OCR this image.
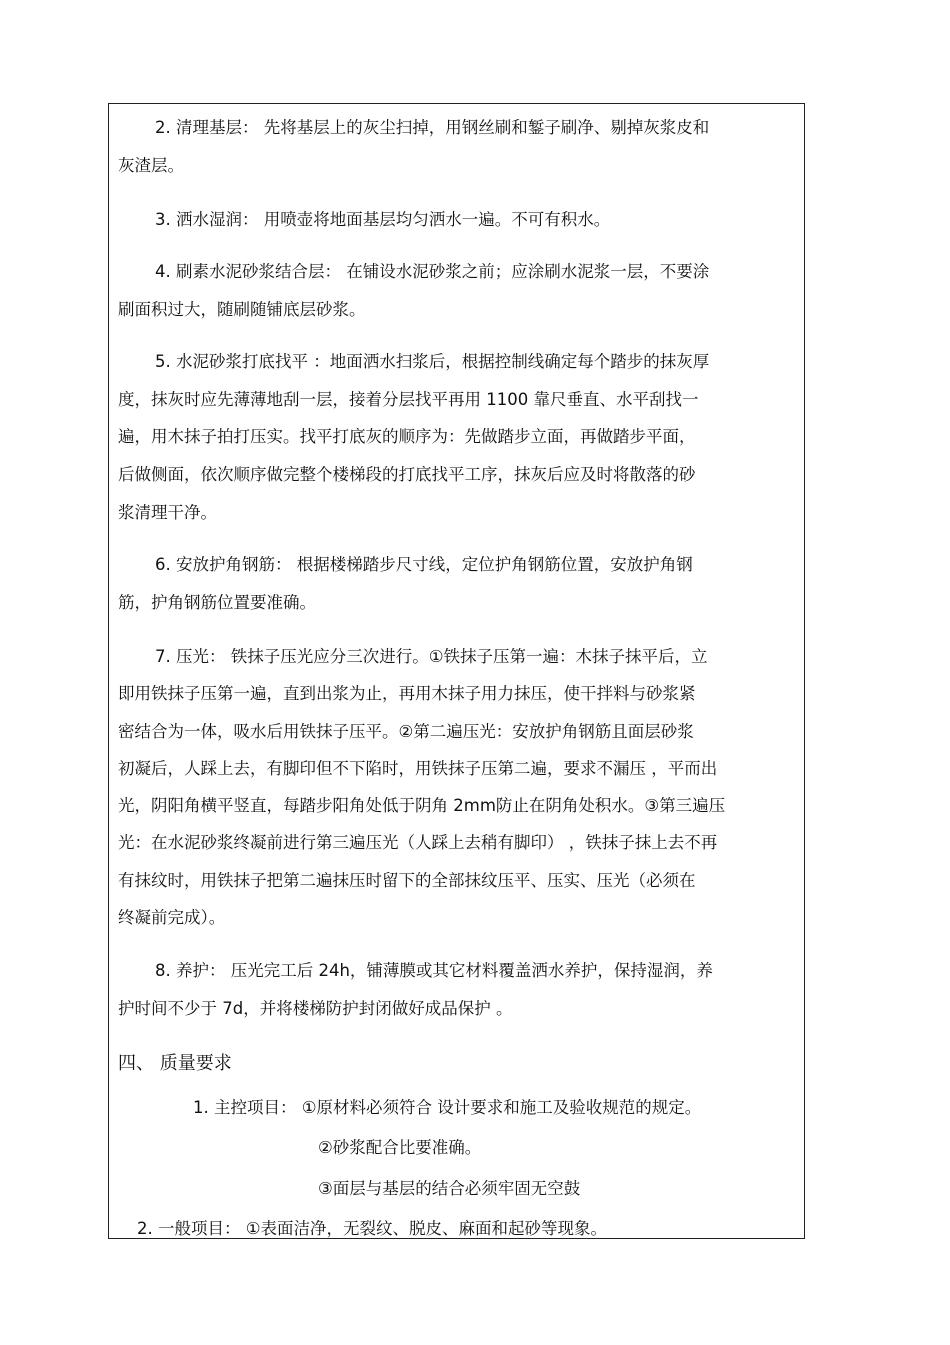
2. 清理基层： 先将基层上的灰尘扫掉，用钢丝刷和錾子刷净、剔掉灰浆皮和
灰渣层。
3. 洒水湿润： 用喷壶将地面基层均匀洒水一遍。不可有积水。
4. 刷素水泥砂浆结合层： 在铺设水泥砂浆之前；应涂刷水泥浆一层，不要涂
刷面积过大，随刷随铺底层砂浆。
5. 水泥砂浆打底找平 ：地面洒水扫浆后，根据控制线确定每个踏步的抹灰厚
度，抹灰时应先薄薄地刮一层，接着分层找平再用 1100 靠尺垂直、水平刮找一
遍，用木抹子拍打压实。找平打底灰的顺序为：先做踏步立面，再做踏步平面，
后做侧面，依次顺序做完整个楼梯段的打底找平工序，抹灰后应及时将散落的砂
浆清理干净。
6. 安放护角钢筋： 根据楼梯踏步尺寸线，定位护角钢筋位置，安放护角钢
筋，护角钢筋位置要准确。
7. 压光： 铁抹子压光应分三次进行。①铁抹子压第一遍：木抹子抹平后，立
即用铁抹子压第一遍，直到出浆为止，再用木抹子用力抹压，使干拌料与砂浆紧
密结合为一体，吸水后用铁抹子压平。②第二遍压光：安放护角钢筋且面层砂浆
初凝后，人踩上去，有脚印但不下陷时，用铁抹子压第二遍，要求不漏压 ，平而出
光，阴阳角横平竖直，每踏步阳角处低于阴角 2mm防止在阴角处积水。③第三遍压
光：在水泥砂浆终凝前进行第三遍压光（人踩上去稍有脚印） ，铁抹子抹上去不再
有抹纹时，用铁抹子把第二遍抹压时留下的全部抹纹压平、压实、压光（必须在
终凝前完成）。
8. 养护： 压光完工后 24h，铺薄膜或其它材料覆盖洒水养护，保持湿润，养
护时间不少于 7d，并将楼梯防护封闭做好成品保护 。
四、 质量要求
1. 主控项目： ①原材料必须符合 设计要求和施工及验收规范的规定。
②砂浆配合比要准确。
③面层与基层的结合必须牢固无空鼓
2. 一般项目： ①表面洁净，无裂纹、脱皮、麻面和起砂等现象。
